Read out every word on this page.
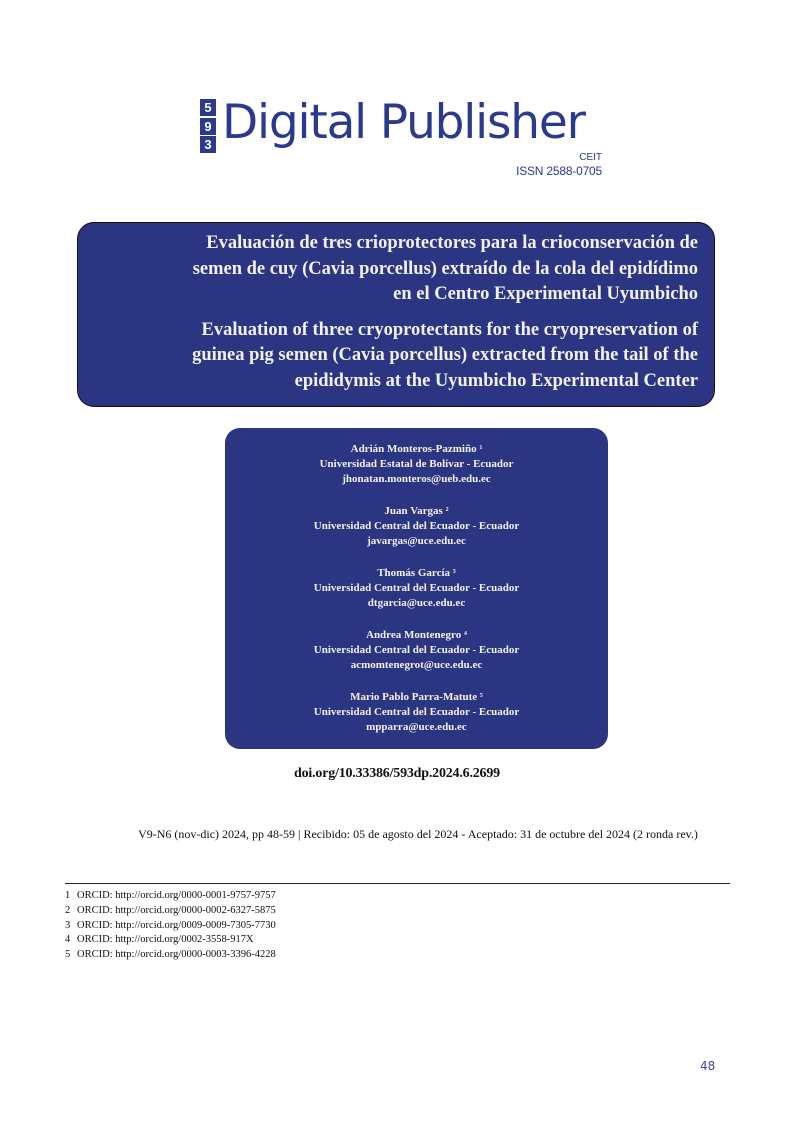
5
9
3 Digital Publisher
CEIT
ISSN 2588-0705
Evaluación de tres crioprotectores para la crioconservación de
semen de cuy (Cavia porcellus) extraído de la cola del epidídimo
en el Centro Experimental Uyumbicho
Evaluation of three cryoprotectants for the cryopreservation of
guinea pig semen (Cavia porcellus) extracted from the tail of the
epididymis at the Uyumbicho Experimental Center
Adrián Monteros-Pazmiño $^1$
Universidad Estatal de Bolívar - Ecuador
jhonatan.monteros@ueb.edu.ec
Juan Vargas $^2$
Universidad Central del Ecuador - Ecuador
javargas@uce.edu.ec
Thomás García $^3$
Universidad Central del Ecuador - Ecuador
dtgarcia@uce.edu.ec
Andrea Montenegro $^4$
Universidad Central del Ecuador - Ecuador
acmomtenegrot@uce.edu.ec
Mario Pablo Parra-Matute $^5$
Universidad Central del Ecuador - Ecuador
mpparra@uce.edu.ec
doi.org/10.33386/593dp.2024.6.2699
V9-N6 (nov-dic) 2024, pp 48-59 | Recibido: 05 de agosto del 2024 - Aceptado: 31 de octubre del 2024 (2 ronda rev.)
1 ORCID: http://orcid.org/0000-0001-9757-9757
2 ORCID: http://orcid.org/0000-0002-6327-5875
3 ORCID: http://orcid.org/0009-0009-7305-7730
4 ORCID: http://orcid.org/0002-3558-917X
5 ORCID: http://orcid.org/0000-0003-3396-4228
48
